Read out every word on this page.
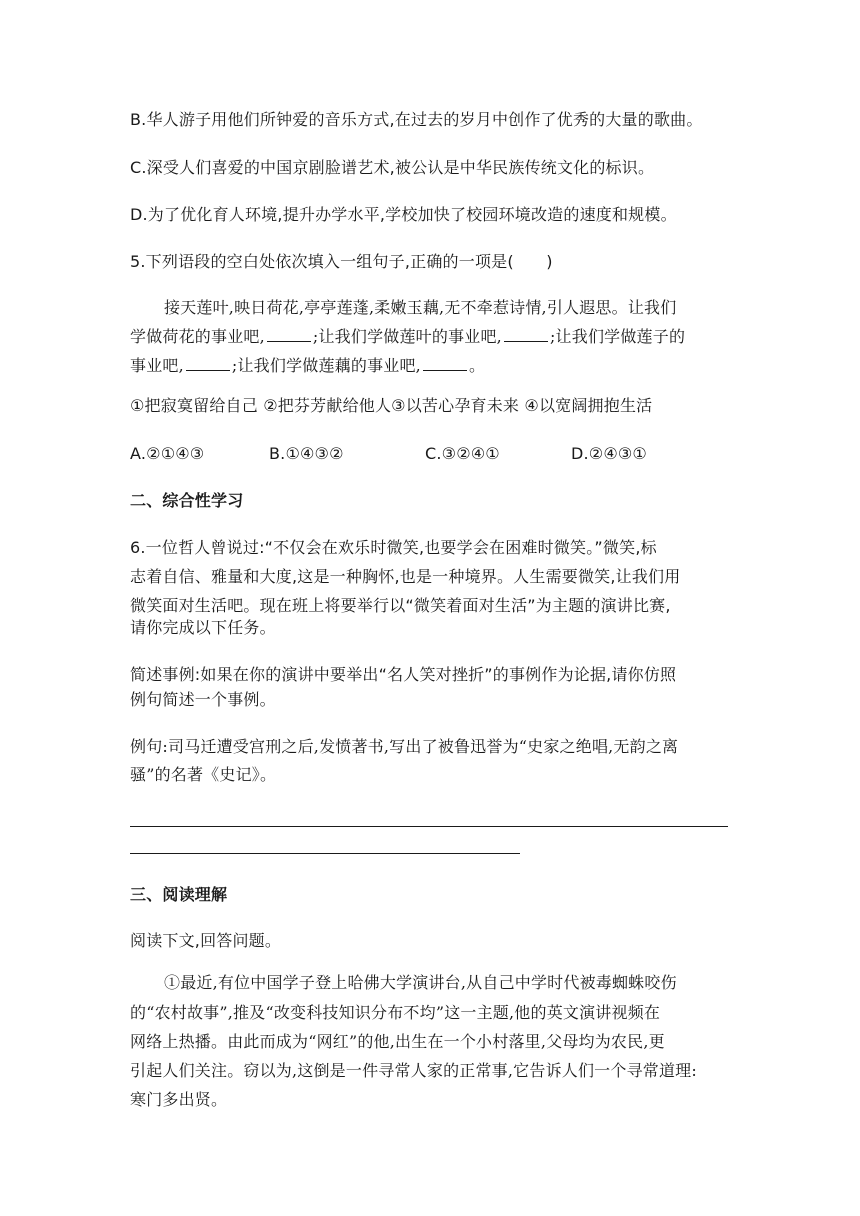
B.华人游子用他们所钟爱的音乐方式,在过去的岁月中创作了优秀的大量的歌曲。
C.深受人们喜爱的中国京剧脸谱艺术,被公认是中华民族传统文化的标识。
D.为了优化育人环境,提升办学水平,学校加快了校园环境改造的速度和规模。
5.下列语段的空白处依次填入一组句子,正确的一项是(　　)
接天莲叶,映日荷花,亭亭莲蓬,柔嫩玉藕,无不牵惹诗情,引人遐思。让我们
学做荷花的事业吧,	;让我们学做莲叶的事业吧,	;让我们学做莲子的
事业吧,	;让我们学做莲藕的事业吧,	。
①把寂寞留给自己 ②把芬芳献给他人③以苦心孕育未来 ④以宽阔拥抱生活
A.②①④③	B.①④③②	C.③②④①	D.②④③①
二、综合性学习
6.一位哲人曾说过:“不仅会在欢乐时微笑,也要学会在困难时微笑。”微笑,标
志着自信、雅量和大度,这是一种胸怀,也是一种境界。人生需要微笑,让我们用
微笑面对生活吧。现在班上将要举行以“微笑着面对生活”为主题的演讲比赛,
请你完成以下任务。
简述事例:如果在你的演讲中要举出“名人笑对挫折”的事例作为论据,请你仿照
例句简述一个事例。
例句:司马迁遭受宫刑之后,发愤著书,写出了被鲁迅誉为“史家之绝唱,无韵之离
骚”的名著《史记》。
三、阅读理解
阅读下文,回答问题。
①最近,有位中国学子登上哈佛大学演讲台,从自己中学时代被毒蜘蛛咬伤
的“农村故事”,推及“改变科技知识分布不均”这一主题,他的英文演讲视频在
网络上热播。由此而成为“网红”的他,出生在一个小村落里,父母均为农民,更
引起人们关注。窃以为,这倒是一件寻常人家的正常事,它告诉人们一个寻常道理:
寒门多出贤。
